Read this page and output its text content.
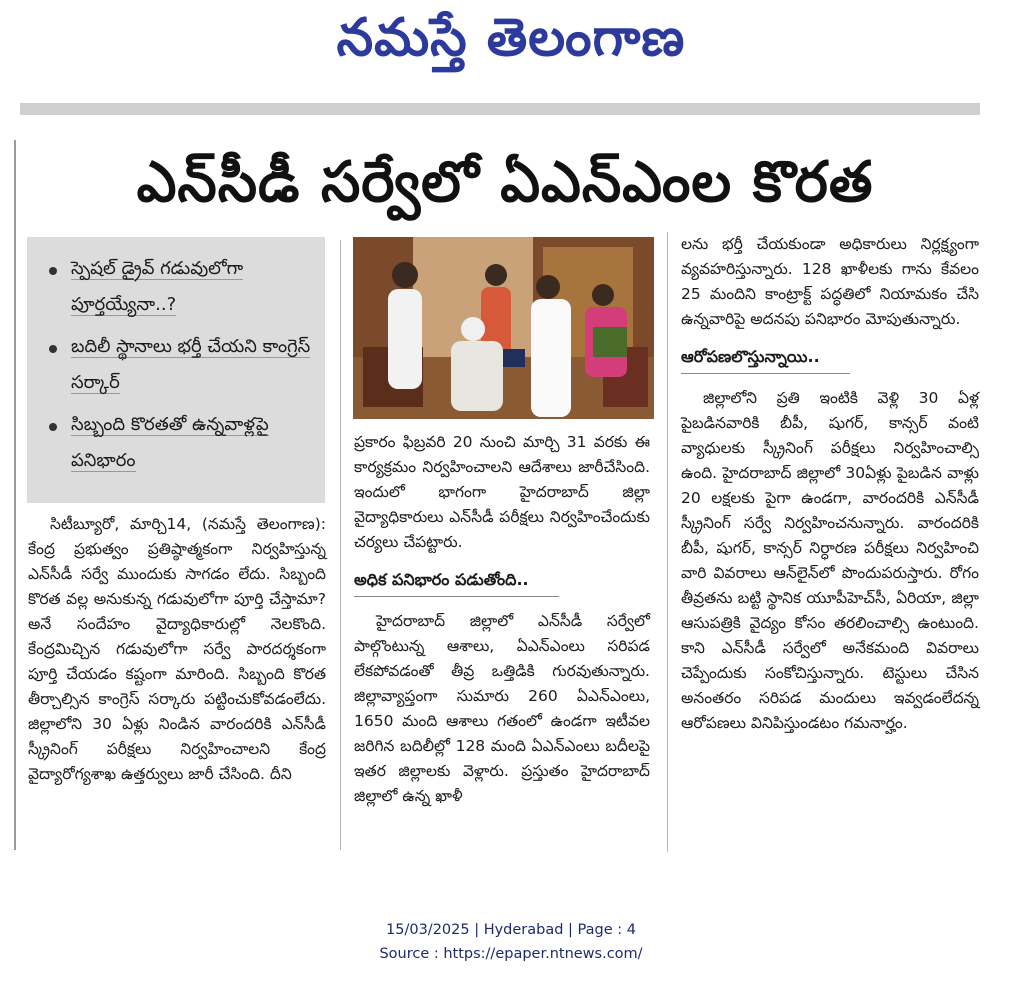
నమస్తే తెలంగాణ
ఎన్‌సీడీ సర్వేలో ఏఎన్‌ఎంల కొరత
స్పెషల్ డ్రైవ్ గడువులోగా పూర్తయ్యేనా..?
బదిలీ స్థానాలు భర్తీ చేయని కాంగ్రెస్ సర్కార్
సిబ్బంది కొరతతో ఉన్నవాళ్లపై పనిభారం

సిటీబ్యూరో, మార్చి14, (నమస్తే తెలంగాణ): కేంద్ర ప్రభుత్వం ప్రతిష్ఠాత్మకంగా నిర్వహిస్తున్న ఎన్‌సీడీ సర్వే ముందుకు సాగడం లేదు. సిబ్బంది కొరత వల్ల అనుకున్న గడువులోగా పూర్తి చేస్తామా? అనే సందేహం వైద్యాధికారుల్లో నెలకొంది. కేంద్రమిచ్చిన గడువులోగా సర్వే పారదర్శకంగా పూర్తి చేయడం కష్టంగా మారింది. సిబ్బంది కొరత తీర్చాల్సిన కాంగ్రెస్ సర్కారు పట్టించుకోవడంలేదు. జిల్లాలోని 30 ఏళ్లు నిండిన వారందరికి ఎన్‌సీడీ స్క్రీనింగ్ పరీక్షలు నిర్వహించాలని కేంద్ర వైద్యారోగ్యశాఖ ఉత్తర్వులు జారీ చేసింది. దీని

ప్రకారం ఫిబ్రవరి 20 నుంచి మార్చి 31 వరకు ఈ కార్యక్రమం నిర్వహించాలని ఆదేశాలు జారీచేసింది. ఇందులో భాగంగా హైదరాబాద్ జిల్లా వైద్యాధికారులు ఎన్‌సీడీ పరీక్షలు నిర్వహించేందుకు చర్యలు చేపట్టారు.

అధిక పనిభారం పడుతోంది..

హైదరాబాద్ జిల్లాలో ఎన్‌సీడీ సర్వేలో పాల్గొంటున్న ఆశాలు, ఏఎన్‌ఎంలు సరిపడ లేకపోవడంతో తీవ్ర ఒత్తిడికి గురవుతున్నారు. జిల్లావ్యాప్తంగా సుమారు 260 ఏఎన్‌ఎంలు, 1650 మంది ఆశాలు గతంలో ఉండగా ఇటీవల జరిగిన బదిలీల్లో 128 మంది ఏఎన్‌ఎంలు బదీలపై ఇతర జిల్లాలకు వెళ్లారు. ప్రస్తుతం హైదరాబాద్ జిల్లాలో ఉన్న ఖాళీ

లను భర్తీ చేయకుండా అధికారులు నిర్లక్ష్యంగా వ్యవహరిస్తున్నారు. 128 ఖాళీలకు గాను కేవలం 25 మందిని కాంట్రాక్ట్ పద్ధతిలో నియామకం చేసి ఉన్నవారిపై అదనపు పనిభారం మోపుతున్నారు.

ఆరోపణలొస్తున్నాయి..

జిల్లాలోని ప్రతి ఇంటికి వెళ్లి 30 ఏళ్ల పైబడినవారికి బీపీ, షుగర్, కాన్సర్ వంటి వ్యాధులకు స్క్రీనింగ్ పరీక్షలు నిర్వహించాల్సి ఉంది. హైదరాబాద్ జిల్లాలో 30ఏళ్లు పైబడిన వాళ్లు 20 లక్షలకు పైగా ఉండగా, వారందరికి ఎన్‌సీడీ స్క్రీనింగ్ సర్వే నిర్వహించనున్నారు. వారందరికి బీపీ, షుగర్, కాన్సర్ నిర్ధారణ పరీక్షలు నిర్వహించి వారి వివరాలు ఆన్‌లైన్‌లో పొందుపరుస్తారు. రోగం తీవ్రతను బట్టి స్థానిక యూపీహెచ్‌సీ, ఏరియా, జిల్లా ఆసుపత్రికి వైద్యం కోసం తరలించాల్సి ఉంటుంది. కాని ఎన్‌సీడీ సర్వేలో అనేకమంది వివరాలు చెప్పేందుకు సంకోచిస్తున్నారు. టెస్టులు చేసిన అనంతరం సరిపడ మందులు ఇవ్వడంలేదన్న ఆరోపణలు వినిపిస్తుండటం గమనార్హం.

15/03/2025 | Hyderabad | Page : 4
Source : https://epaper.ntnews.com/
